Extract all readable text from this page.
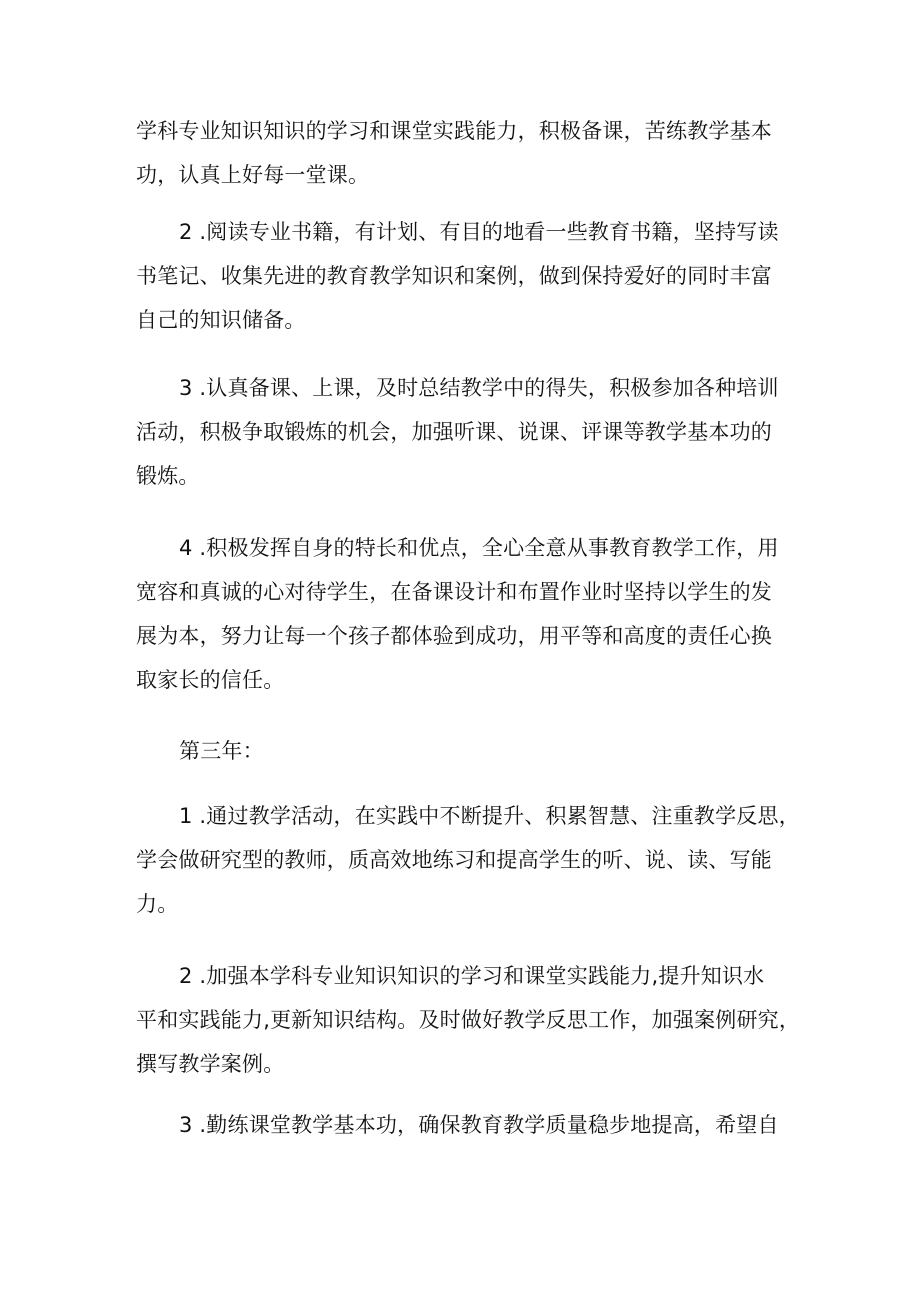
学科专业知识知识的学习和课堂实践能力，积极备课，苦练教学基本
功，认真上好每一堂课。

2 .阅读专业书籍，有计划、有目的地看一些教育书籍，坚持写读
书笔记、收集先进的教育教学知识和案例，做到保持爱好的同时丰富
自己的知识储备。

3 .认真备课、上课，及时总结教学中的得失，积极参加各种培训
活动，积极争取锻炼的机会，加强听课、说课、评课等教学基本功的
锻炼。

4 .积极发挥自身的特长和优点，全心全意从事教育教学工作，用
宽容和真诚的心对待学生，在备课设计和布置作业时坚持以学生的发
展为本，努力让每一个孩子都体验到成功，用平等和高度的责任心换
取家长的信任。

第三年：

1 .通过教学活动，在实践中不断提升、积累智慧、注重教学反思，
学会做研究型的教师，质高效地练习和提高学生的听、说、读、写能
力。

2 .加强本学科专业知识知识的学习和课堂实践能力,提升知识水
平和实践能力,更新知识结构。及时做好教学反思工作，加强案例研究，
撰写教学案例。

3 .勤练课堂教学基本功，确保教育教学质量稳步地提高，希望自
